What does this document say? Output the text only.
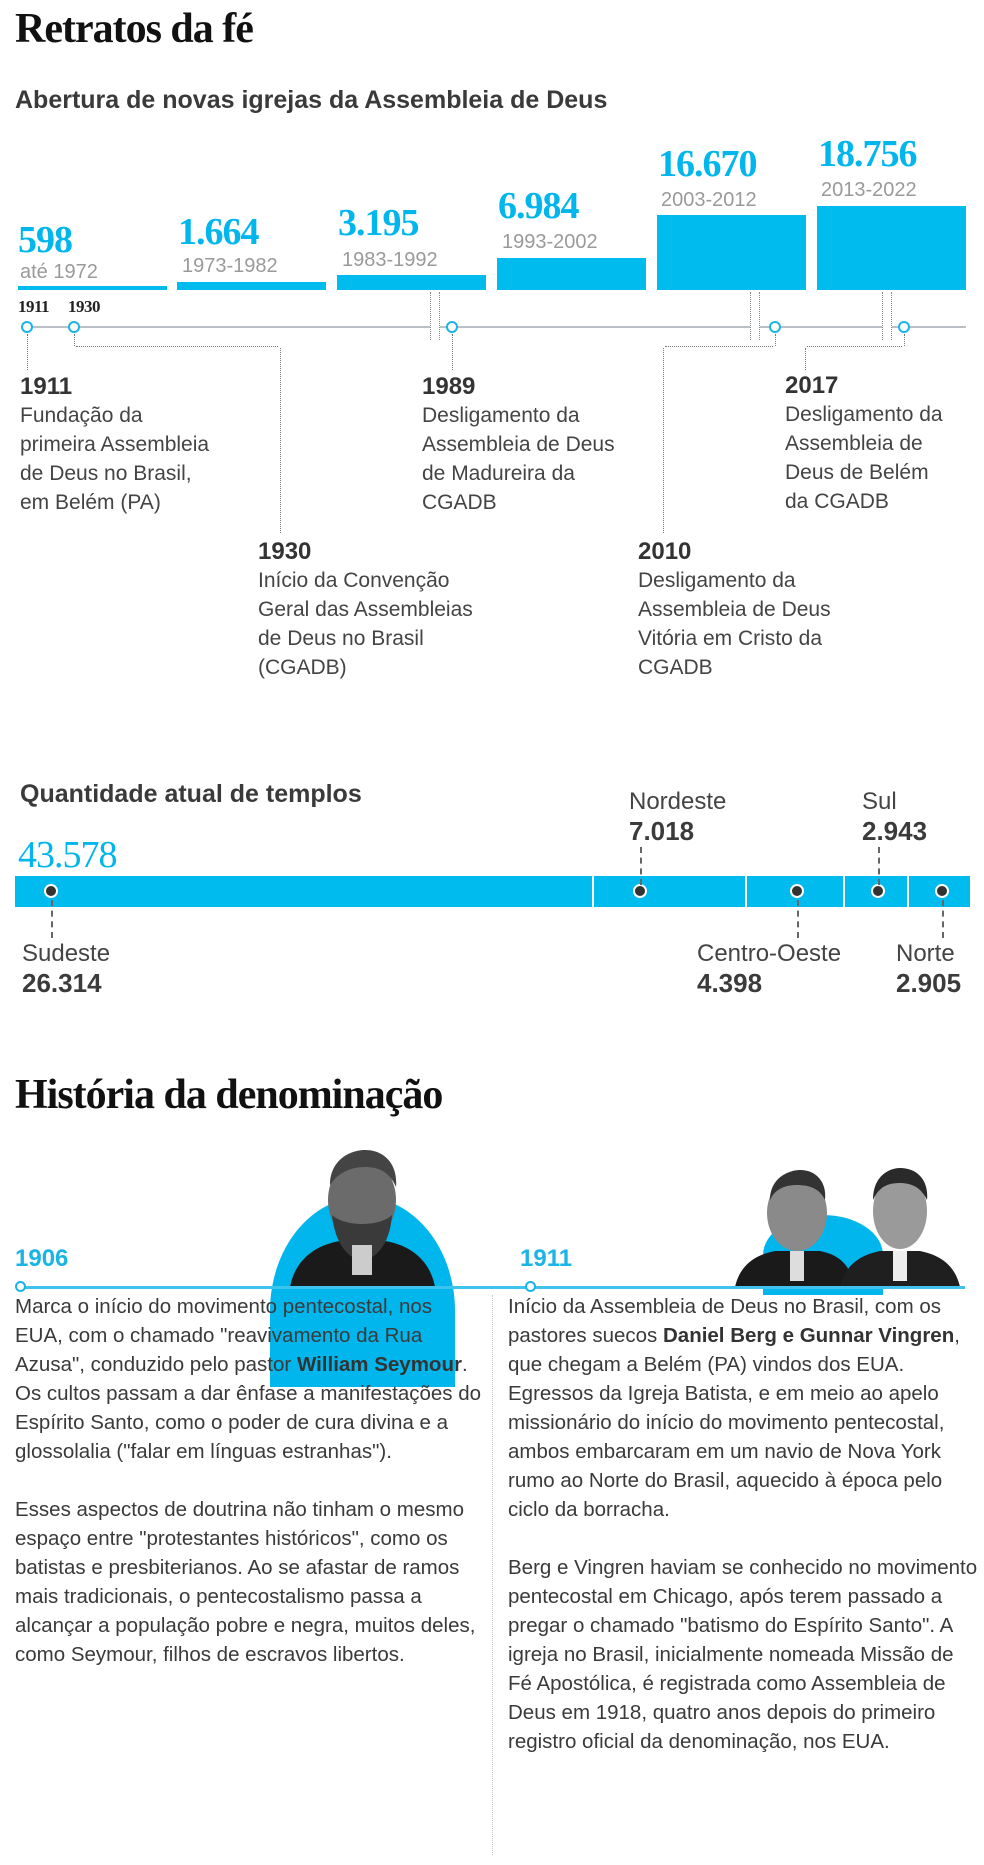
Retratos da fé
Abertura de novas igrejas da Assembleia de Deus
598
até 1972
1.664
1973-1982
3.195
1983-1992
6.984
1993-2002
16.670
2003-2012
18.756
2013-2022
1911 1930
1911
Fundação da
primeira Assembleia
de Deus no Brasil,
em Belém (PA)
1930
Início da Convenção
Geral das Assembleias
de Deus no Brasil
(CGADB)
1989
Desligamento da
Assembleia de Deus
de Madureira da
CGADB
2010
Desligamento da
Assembleia de Deus
Vitória em Cristo da
CGADB
2017
Desligamento da
Assembleia de
Deus de Belém
da CGADB
Quantidade atual de templos
43.578
Sudeste
26.314
Nordeste
7.018
Centro-Oeste
4.398
Sul
2.943
Norte
2.905
História da denominação
1906	1911

Marca o início do movimento pentecostal, nos EUA, com o chamado "reavivamento da Rua Azusa", conduzido pelo pastor William Seymour. Os cultos passam a dar ênfase a manifestações do Espírito Santo, como o poder de cura divina e a glossolalia ("falar em línguas estranhas").

Esses aspectos de doutrina não tinham o mesmo espaço entre "protestantes históricos", como os batistas e presbiterianos. Ao se afastar de ramos mais tradicionais, o pentecostalismo passa a alcançar a população pobre e negra, muitos deles, como Seymour, filhos de escravos libertos.

Início da Assembleia de Deus no Brasil, com os pastores suecos Daniel Berg e Gunnar Vingren, que chegam a Belém (PA) vindos dos EUA. Egressos da Igreja Batista, e em meio ao apelo missionário do início do movimento pentecostal, ambos embarcaram em um navio de Nova York rumo ao Norte do Brasil, aquecido à época pelo ciclo da borracha.

Berg e Vingren haviam se conhecido no movimento pentecostal em Chicago, após terem passado a pregar o chamado "batismo do Espírito Santo". A igreja no Brasil, inicialmente nomeada Missão de Fé Apostólica, é registrada como Assembleia de Deus em 1918, quatro anos depois do primeiro registro oficial da denominação, nos EUA.
